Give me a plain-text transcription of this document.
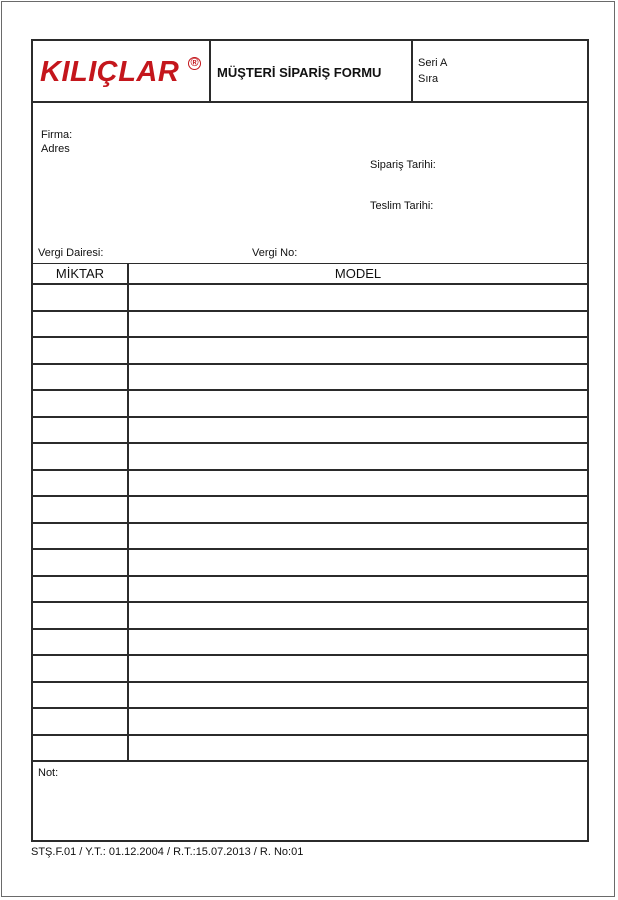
KILIÇLAR ®
MÜŞTERİ SİPARİŞ FORMU
Seri A
Sıra
Firma:
Adres
Sipariş Tarihi:
Teslim Tarihi:
Vergi Dairesi:	Vergi No:
MİKTAR	MODEL
Not:
STŞ.F.01 / Y.T.: 01.12.2004 / R.T.:15.07.2013 / R. No:01
